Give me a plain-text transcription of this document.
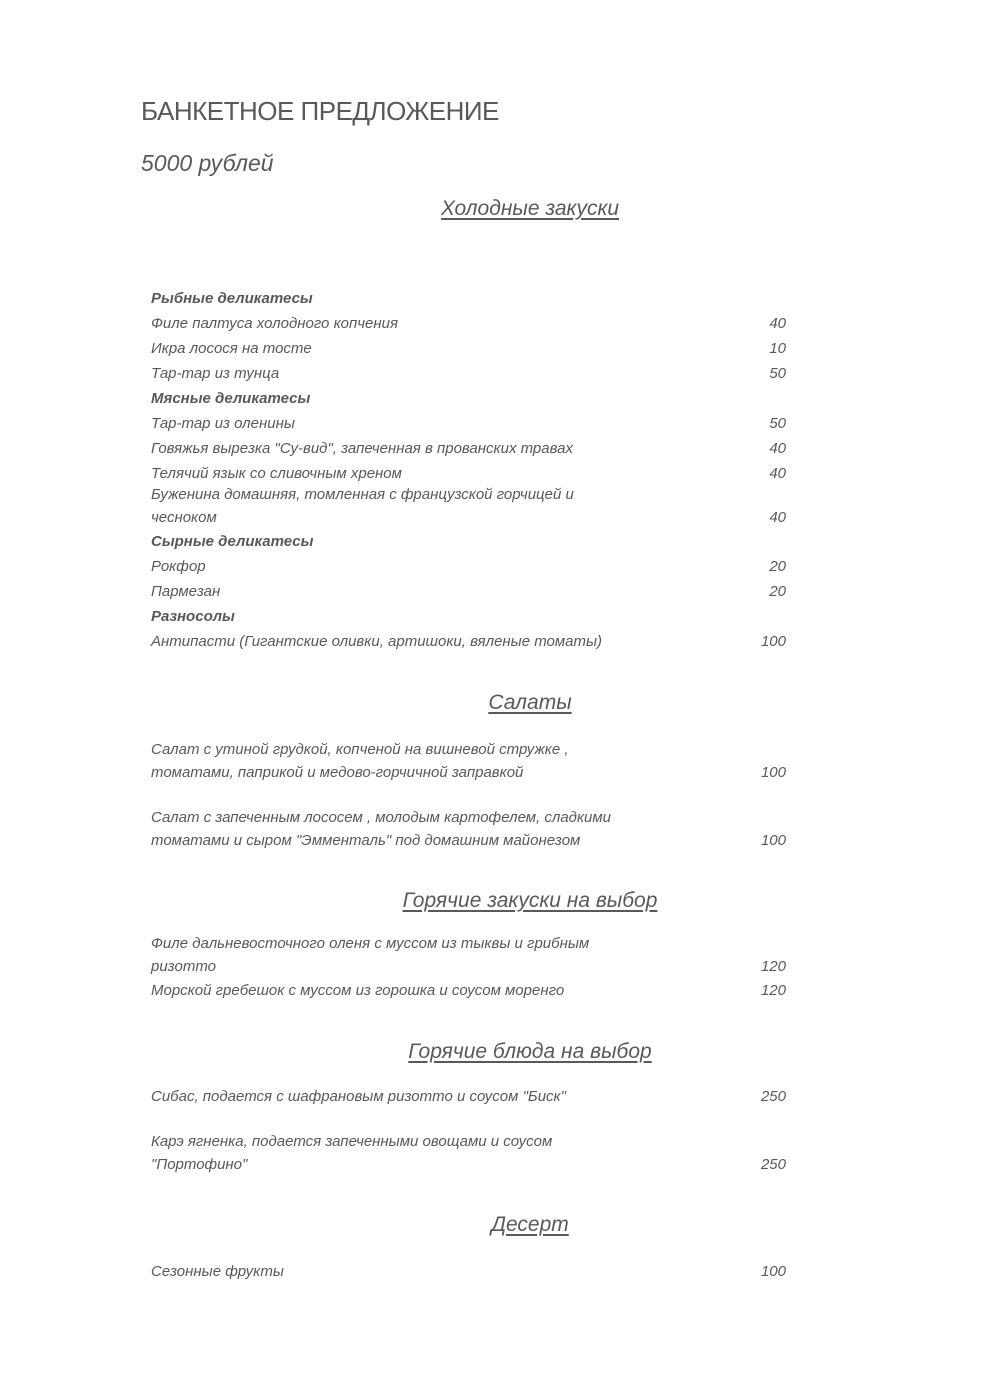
БАНКЕТНОЕ ПРЕДЛОЖЕНИЕ
5000 рублей
Холодные закуски
Рыбные деликатесы
Филе палтуса холодного копчения	40
Икра лосося на тосте	10
Тар-тар из тунца	50
Мясные деликатесы
Тар-тар из оленины	50
Говяжья вырезка "Су-вид", запеченная в прованских травах	40
Телячий язык со сливочным хреном	40
Буженина домашняя, томленная с французской горчицей и чесноком	40
Сырные деликатесы
Рокфор	20
Пармезан	20
Разносолы
Антипасти (Гигантские оливки, артишоки, вяленые томаты)	100
Салаты
Салат с утиной грудкой, копченой на вишневой стружке , томатами, паприкой и медово-горчичной заправкой	100
Салат с запеченным лососем , молодым картофелем, сладкими томатами и сыром "Эмменталь" под домашним майонезом	100
Горячие закуски на выбор
Филе дальневосточного оленя с муссом из тыквы и грибным ризотто	120
Морской гребешок с муссом из горошка и соусом моренго	120
Горячие блюда на выбор
Сибас, подается с шафрановым ризотто и соусом "Биск"	250
Карэ ягненка, подается запеченными овощами и соусом "Портофино"	250
Десерт
Сезонные фрукты	100
